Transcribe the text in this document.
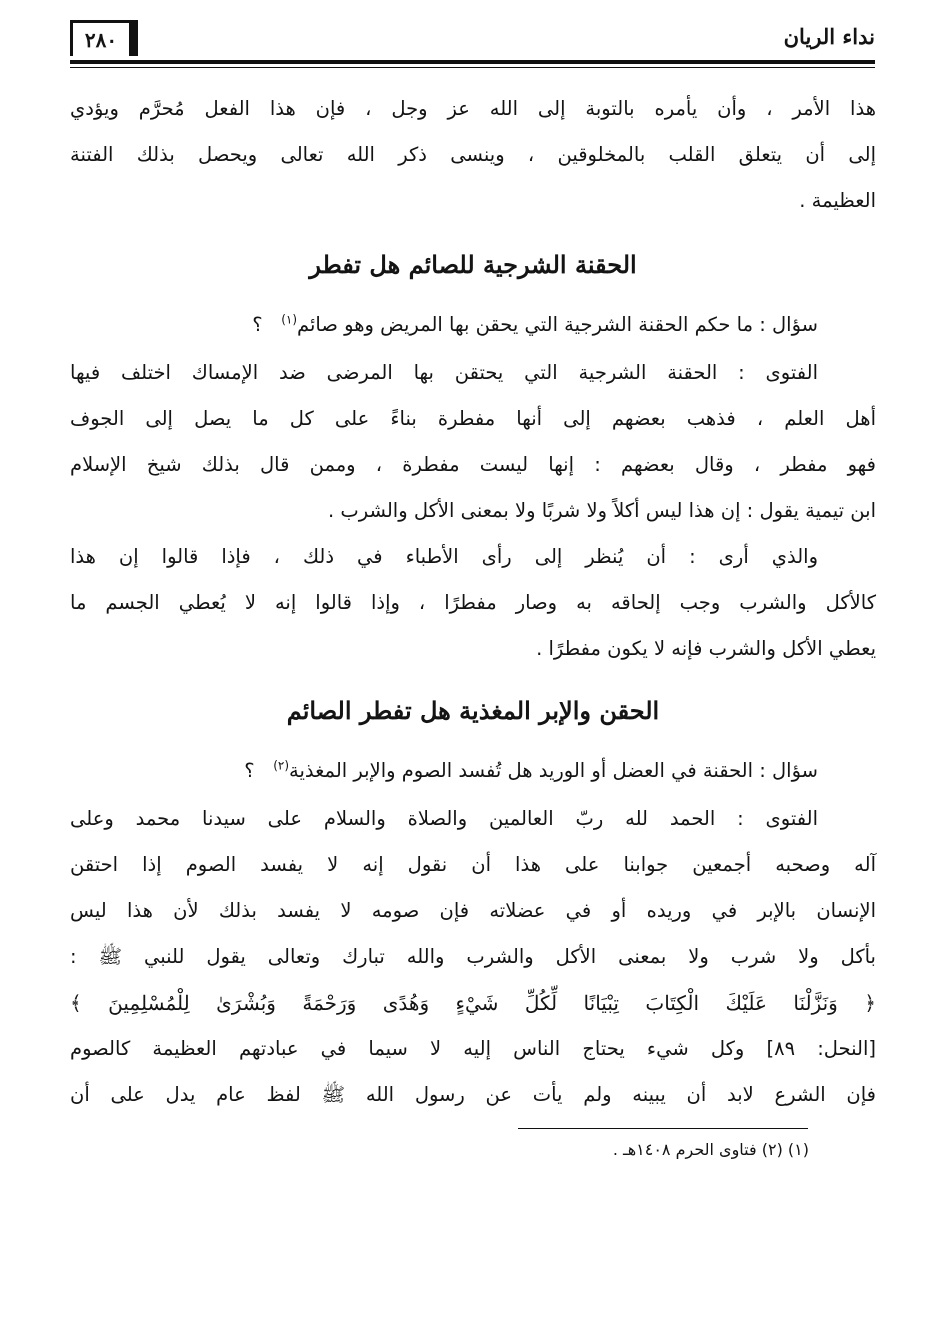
نداء الريان
٢٨٠
هذا الأمر ، وأن يأمره بالتوبة إلى الله عز وجل ، فإن هذا الفعل مُحرَّم ويؤدي
إلى أن يتعلق القلب بالمخلوقين ، وينسى ذكر الله تعالى ويحصل بذلك الفتنة
العظيمة .
الحقنة الشرجية للصائم هل تفطر
سؤال : ما حكم الحقنة الشرجية التي يحقن بها المريض وهو صائم$^{(١)}$   ؟
الفتوى : الحقنة الشرجية التي يحتقن بها المرضى ضد الإمساك اختلف فيها
أهل العلم ، فذهب بعضهم إلى أنها مفطرة بناءً على كل ما يصل إلى الجوف
فهو مفطر ، وقال بعضهم : إنها ليست مفطرة ، وممن قال بذلك شيخ الإسلام
ابن تيمية يقول : إن هذا ليس أكلاً ولا شربًا ولا بمعنى الأكل والشرب .
والذي أرى : أن يُنظر إلى رأى الأطباء في ذلك ، فإذا قالوا إن هذا
كالأكل والشرب وجب إلحاقه به وصار مفطرًا ، وإذا قالوا إنه لا يُعطي الجسم ما
يعطي الأكل والشرب فإنه لا يكون مفطرًا .
الحقن والإبر المغذية هل تفطر الصائم
سؤال : الحقنة في العضل أو الوريد هل تُفسد الصوم والإبر المغذية$^{(٢)}$   ؟
الفتوى : الحمد لله ربّ العالمين والصلاة والسلام على سيدنا محمد وعلى
آله وصحبه أجمعين جوابنا على هذا أن نقول إنه لا يفسد الصوم إذا احتقن
الإنسان بالإبر في وريده أو في عضلاته فإن صومه لا يفسد بذلك لأن هذا ليس
بأكل ولا شرب ولا بمعنى الأكل والشرب والله تبارك وتعالى يقول للنبي ﷺ :
﴿ وَنَزَّلْنَا عَلَيْكَ الْكِتَابَ تِبْيَانًا لِّكُلِّ شَيْءٍ وَهُدًى وَرَحْمَةً وَبُشْرَىٰ لِلْمُسْلِمِينَ ﴾
[النحل: ٨٩] وكل شيء يحتاج الناس إليه لا سيما في عبادتهم العظيمة كالصوم
فإن الشرع لابد أن يبينه ولم يأت عن رسول الله ﷺ لفظ عام يدل على أن
(١) (٢) فتاوى الحرم ١٤٠٨هـ .
